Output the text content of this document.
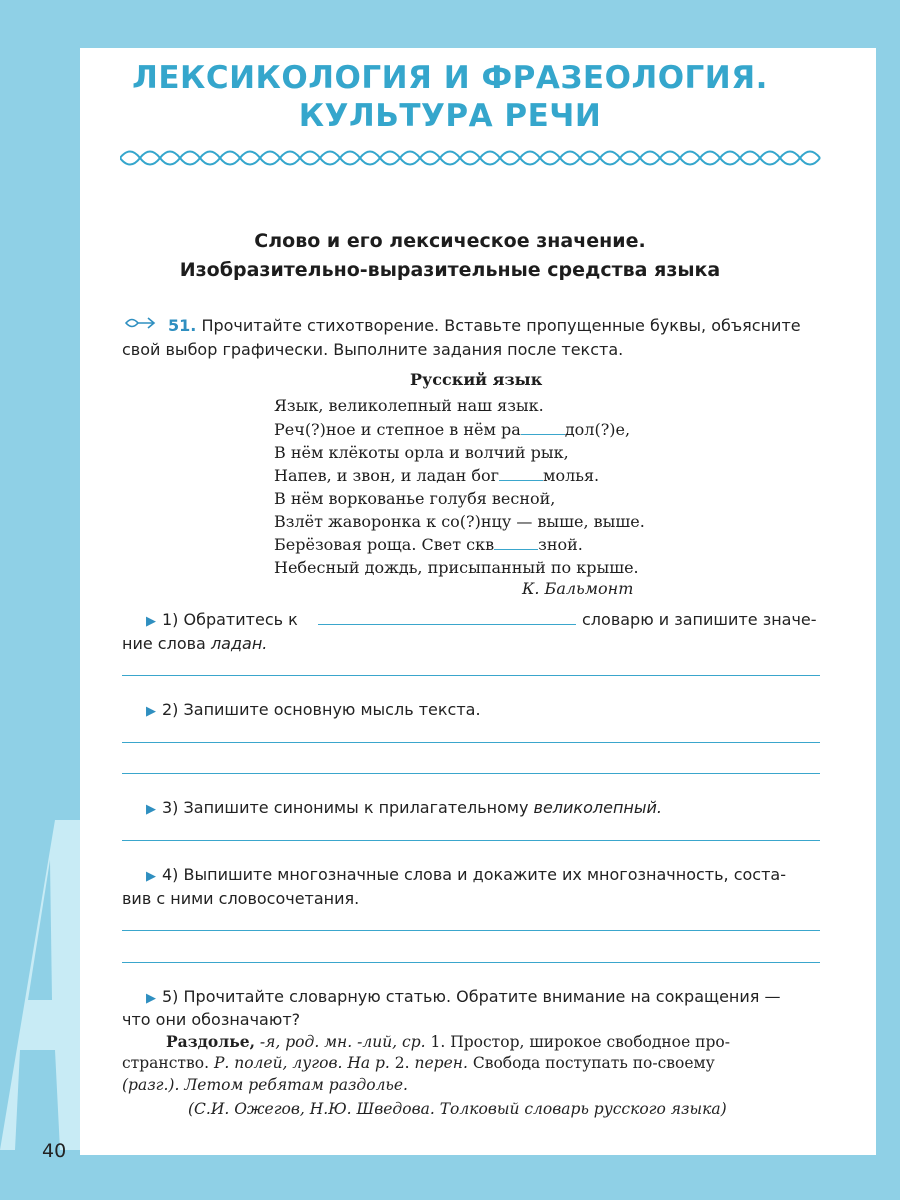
ЛЕКСИКОЛОГИЯ И ФРАЗЕОЛОГИЯ.
КУЛЬТУРА РЕЧИ
Слово и его лексическое значение.
Изобразительно-выразительные средства языка
51. Прочитайте стихотворение. Вставьте пропущенные буквы, объясните
свой выбор графически. Выполните задания после текста.
Русский язык
Язык, великолепный наш язык.
Реч(?)ное и степное в нём ра	дол(?)е,
В нём клёкоты орла и волчий рык,
Напев, и звон, и ладан бог	молья.
В нём воркованье голубя весной,
Взлёт жаворонка к со(?)нцу — выше, выше.
Берёзовая роща. Свет скв	зной.
Небесный дождь, присыпанный по крыше.
К. Бальмонт
▶ 1) Обратитесь к	словарю и запишите значе-
ние слова ладан.
▶ 2) Запишите основную мысль текста.
▶ 3) Запишите синонимы к прилагательному великолепный.
▶ 4) Выпишите многозначные слова и докажите их многозначность, соста-
вив с ними словосочетания.
▶ 5) Прочитайте словарную статью. Обратите внимание на сокращения —
что они обозначают?
Раздолье, -я, род. мн. -лий, ср. 1. Простор, широкое свободное про-
странство. Р. полей, лугов. На р. 2. перен. Свобода поступать по-своему
(разг.). Летом ребятам раздолье.
(С.И. Ожегов, Н.Ю. Шведова. Толковый словарь русского языка)
40
